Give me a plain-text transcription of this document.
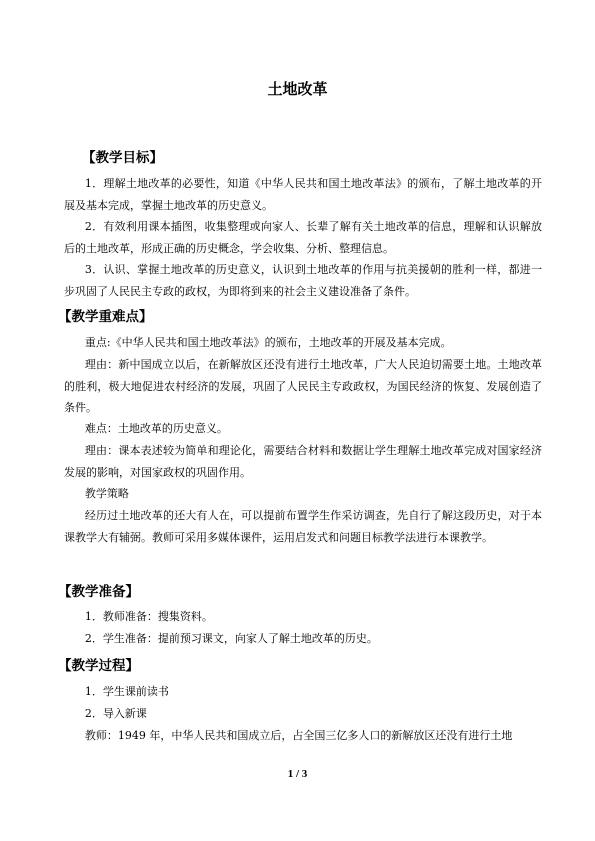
土地改革
【教学目标】
1．理解土地改革的必要性，知道《中华人民共和国土地改革法》的颁布，了解土地改革的开展及基本完成，掌握土地改革的历史意义。
2．有效利用课本插图，收集整理或向家人、长辈了解有关土地改革的信息，理解和认识解放后的土地改革，形成正确的历史概念，学会收集、分析、整理信息。
3．认识、掌握土地改革的历史意义，认识到土地改革的作用与抗美援朝的胜利一样，都进一步巩固了人民民主专政的政权，为即将到来的社会主义建设准备了条件。
【教学重难点】
重点:《中华人民共和国土地改革法》的颁布，土地改革的开展及基本完成。
理由：新中国成立以后，在新解放区还没有进行土地改革，广大人民迫切需要土地。土地改革的胜利，极大地促进农村经济的发展，巩固了人民民主专政政权，为国民经济的恢复、发展创造了条件。
难点：土地改革的历史意义。
理由：课本表述较为简单和理论化，需要结合材料和数据让学生理解土地改革完成对国家经济发展的影响，对国家政权的巩固作用。
教学策略
经历过土地改革的还大有人在，可以提前布置学生作采访调查，先自行了解这段历史，对于本课教学大有辅弼。教师可采用多媒体课件，运用启发式和问题目标教学法进行本课教学。
【教学准备】
1．教师准备：搜集资料。
2．学生准备：提前预习课文，向家人了解土地改革的历史。
【教学过程】
1．学生课前读书
2．导入新课
教师：1949 年，中华人民共和国成立后，占全国三亿多人口的新解放区还没有进行土地
1 / 3
